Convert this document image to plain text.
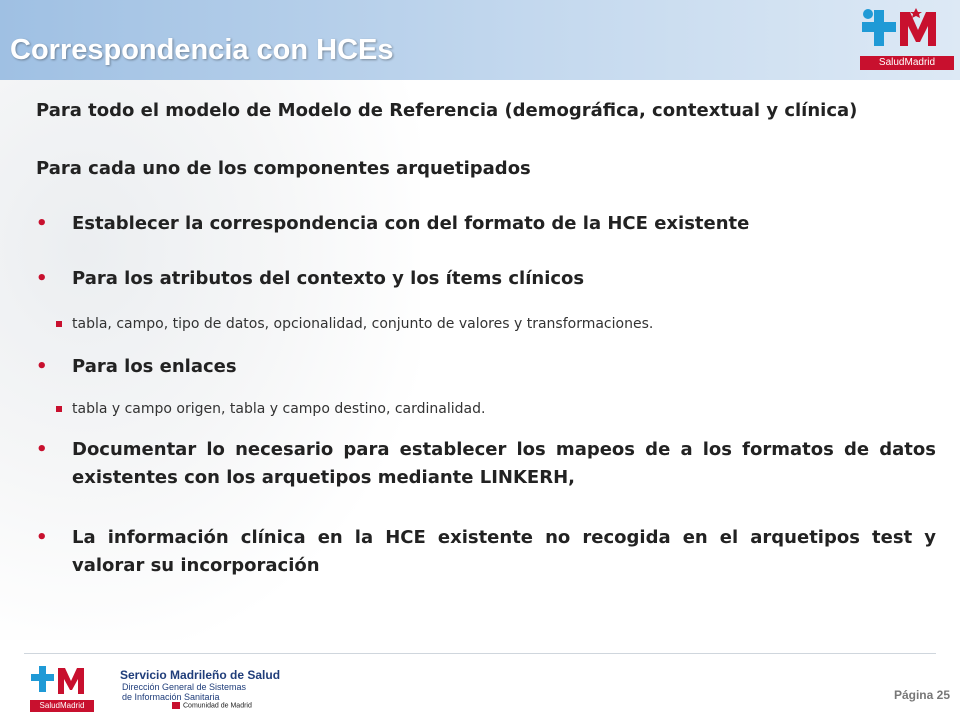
Correspondencia con HCEs	SaludMadrid
Para todo el modelo de Modelo de Referencia (demográfica, contextual y clínica)
Para cada uno de los componentes arquetipados
•	Establecer la correspondencia con del formato de la HCE existente
•	Para los atributos del contexto y los ítems clínicos
tabla, campo, tipo de datos, opcionalidad, conjunto de valores y transformaciones.
•	Para los enlaces
tabla y campo origen, tabla y campo destino, cardinalidad.
•	Documentar lo necesario para establecer los mapeos de a los formatos de datos existentes con los arquetipos mediante LINKERH,
•	La información clínica en la HCE existente no recogida en el arquetipos test y valorar su incorporación
SaludMadrid
Servicio Madrileño de Salud
Dirección General de Sistemas
de Información Sanitaria
Comunidad de Madrid
Página 25
